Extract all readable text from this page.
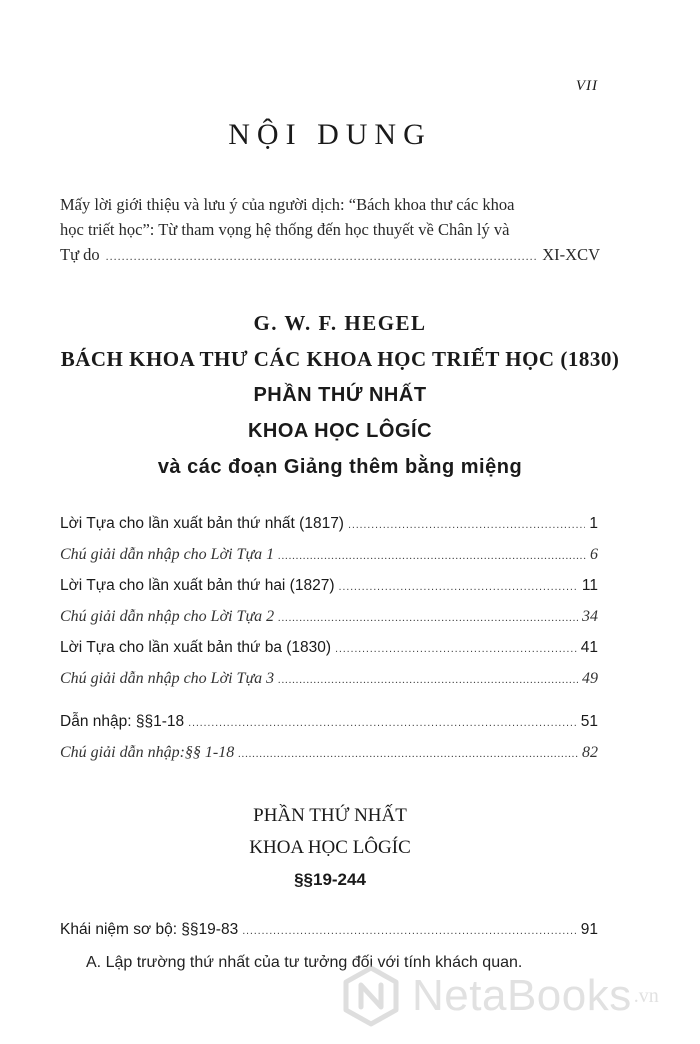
VII
NỘI DUNG

Mấy lời giới thiệu và lưu ý của người dịch: “Bách khoa thư các khoa

học triết học”: Từ tham vọng hệ thống đến học thuyết về Chân lý và

Tự do .....	XI-XCV

G. W. F. HEGEL
BÁCH KHOA THƯ CÁC KHOA HỌC TRIẾT HỌC (1830)
PHẦN THỨ NHẤT
KHOA HỌC LÔGÍC
và các đoạn Giảng thêm bằng miệng
Lời Tựa cho lần xuất bản thứ nhất (1817) .....	1
Chú giải dẫn nhập cho Lời Tựa 1 .....	6
Lời Tựa cho lần xuất bản thứ hai (1827) .....	11
Chú giải dẫn nhập cho Lời Tựa 2 .....	34
Lời Tựa cho lần xuất bản thứ ba (1830) .....	41
Chú giải dẫn nhập cho Lời Tựa 3 .....	49
Dẫn nhập: §§1-18 .....	51
Chú giải dẫn nhập:§§ 1-18 .....	82
PHẦN THỨ NHẤT
KHOA HỌC LÔGÍC
§§19-244
Khái niệm sơ bộ: §§19-83 .....	91
A. Lập trường thứ nhất của tư tưởng đối với tính khách quan.
NetaBooks .vn
